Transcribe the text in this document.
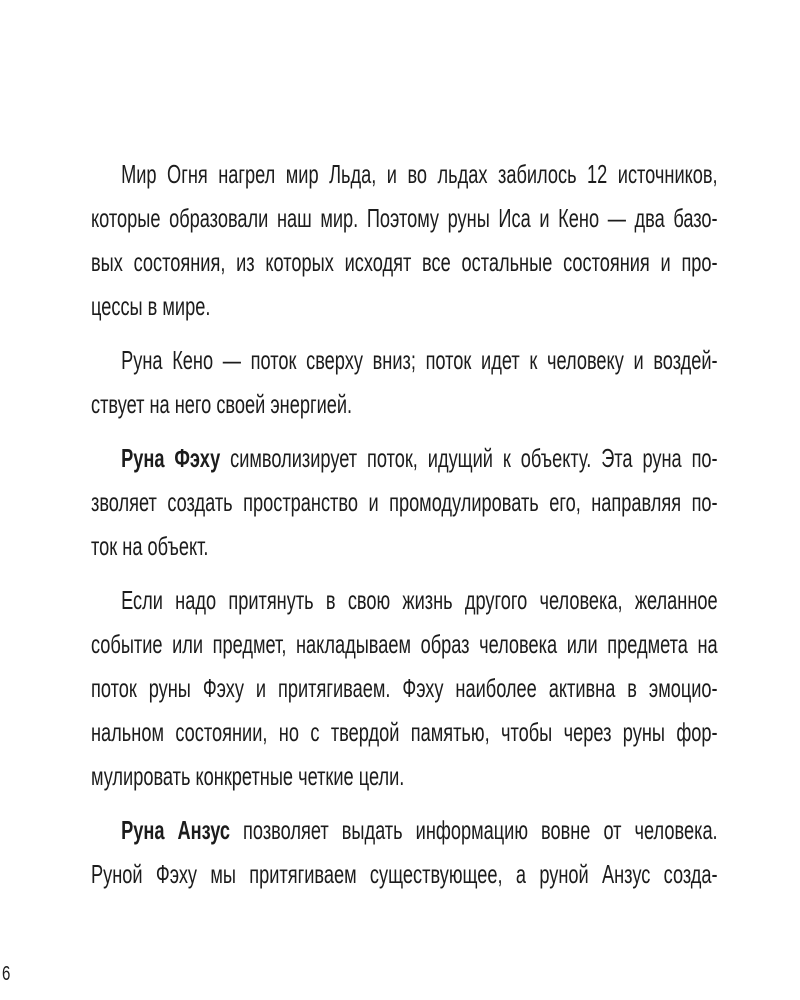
Мир Огня нагрел мир Льда, и во льдах забилось 12 источников,
которые образовали наш мир. Поэтому руны Иса и Кено — два базо-
вых состояния, из которых исходят все остальные состояния и про-
цессы в мире.

Руна Кено — поток сверху вниз; поток идет к человеку и воздей-
ствует на него своей энергией.

Руна Фэху символизирует поток, идущий к объекту. Эта руна по-
зволяет создать пространство и промодулировать его, направляя по-
ток на объект.

Если надо притянуть в свою жизнь другого человека, желанное
событие или предмет, накладываем образ человека или предмета на
поток руны Фэху и притягиваем. Фэху наиболее активна в эмоцио-
нальном состоянии, но с твердой памятью, чтобы через руны фор-
мулировать конкретные четкие цели.

Руна Анзус позволяет выдать информацию вовне от человека.
Руной Фэху мы притягиваем существующее, а руной Анзус созда-

6
